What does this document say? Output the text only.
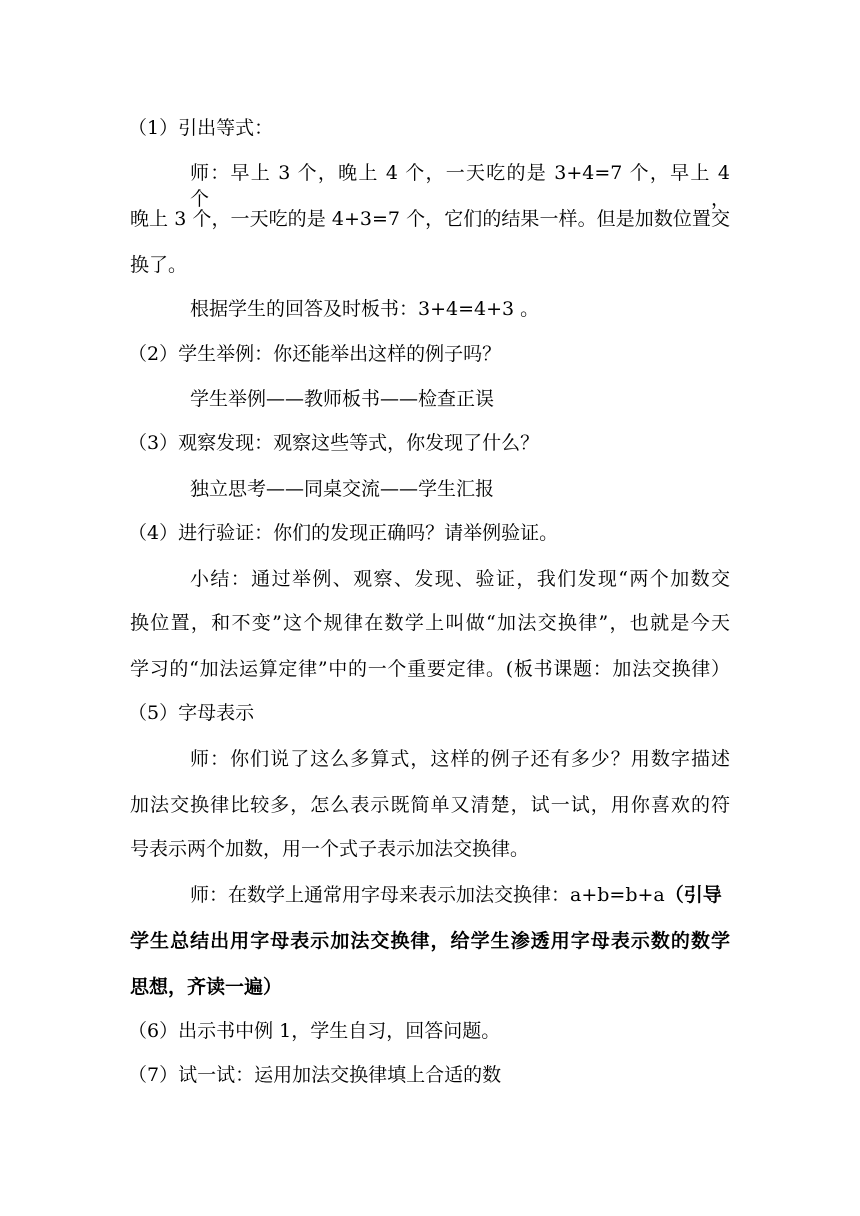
（1）引出等式：
师：早上 3 个，晚上 4 个，一天吃的是 3+4=7 个，早上 4 个，
晚上 3 个，一天吃的是 4+3=7 个，它们的结果一样。但是加数位置交
换了。
根据学生的回答及时板书：3+4=4+3 。
（2）学生举例：你还能举出这样的例子吗？
学生举例——教师板书——检查正误
（3）观察发现：观察这些等式，你发现了什么？
独立思考——同桌交流——学生汇报
（4）进行验证：你们的发现正确吗？请举例验证。
小结：通过举例、观察、发现、验证，我们发现“两个加数交
换位置，和不变”这个规律在数学上叫做“加法交换律”，也就是今天
学习的“加法运算定律”中的一个重要定律。(板书课题：加法交换律）
（5）字母表示
师：你们说了这么多算式，这样的例子还有多少？用数字描述
加法交换律比较多，怎么表示既简单又清楚，试一试，用你喜欢的符
号表示两个加数，用一个式子表示加法交换律。
师：在数学上通常用字母来表示加法交换律：a+b=b+a（引导
学生总结出用字母表示加法交换律，给学生渗透用字母表示数的数学
思想，齐读一遍）
（6）出示书中例 1，学生自习，回答问题。
（7）试一试：运用加法交换律填上合适的数
